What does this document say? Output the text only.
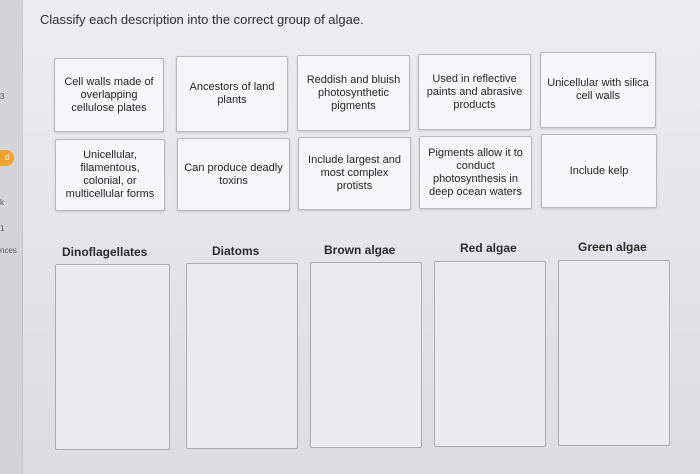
3
d
k
1
nces
Classify each description into the correct group of algae.
Cell walls made of overlapping cellulose plates
Ancestors of land plants
Reddish and bluish photosynthetic pigments
Used in reflective paints and abrasive products
Unicellular with silica cell walls
Unicellular, filamentous, colonial, or multicellular forms
Can produce deadly toxins
Include largest and most complex protists
Pigments allow it to conduct photosynthesis in deep ocean waters
Include kelp
Dinoflagellates	Diatoms	Brown algae	Red algae	Green algae
